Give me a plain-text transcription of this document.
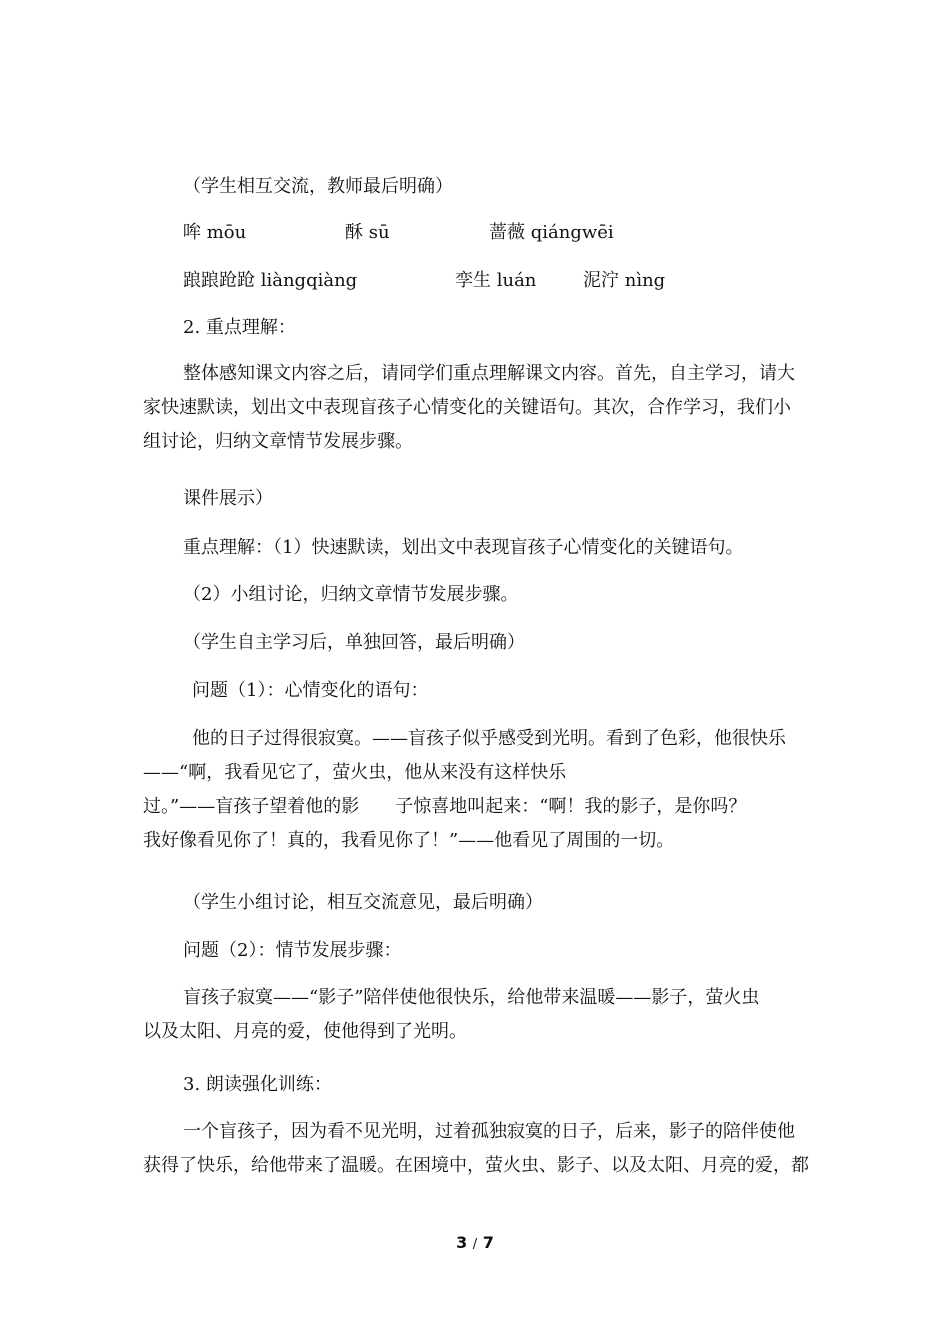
（学生相互交流，教师最后明确）

哞 mōu	酥 sū	蔷薇 qiángwēi
踉踉跄跄 liàngqiàng	孪生 luán	泥泞 nìng

2. 重点理解：

整体感知课文内容之后，请同学们重点理解课文内容。首先，自主学习，请大
家快速默读，划出文中表现盲孩子心情变化的关键语句。其次，合作学习，我们小
组讨论，归纳文章情节发展步骤。

课件展示）

重点理解：（1）快速默读，划出文中表现盲孩子心情变化的关键语句。

（2）小组讨论，归纳文章情节发展步骤。

（学生自主学习后，单独回答，最后明确）

问题（1）：心情变化的语句：

他的日子过得很寂寞。——盲孩子似乎感受到光明。看到了色彩，他很快乐
——“啊，我看见它了，萤火虫，他从来没有这样快乐
过。”——盲孩子望着他的影 子惊喜地叫起来：“啊！我的影子，是你吗？
我好像看见你了！真的，我看见你了！”——他看见了周围的一切。

（学生小组讨论，相互交流意见，最后明确）

问题（2）：情节发展步骤：

盲孩子寂寞——“影子”陪伴使他很快乐，给他带来温暖——影子，萤火虫
以及太阳、月亮的爱，使他得到了光明。

3. 朗读强化训练：

一个盲孩子，因为看不见光明，过着孤独寂寞的日子，后来，影子的陪伴使他
获得了快乐，给他带来了温暖。在困境中，萤火虫、影子、以及太阳、月亮的爱，都
3 / 7
